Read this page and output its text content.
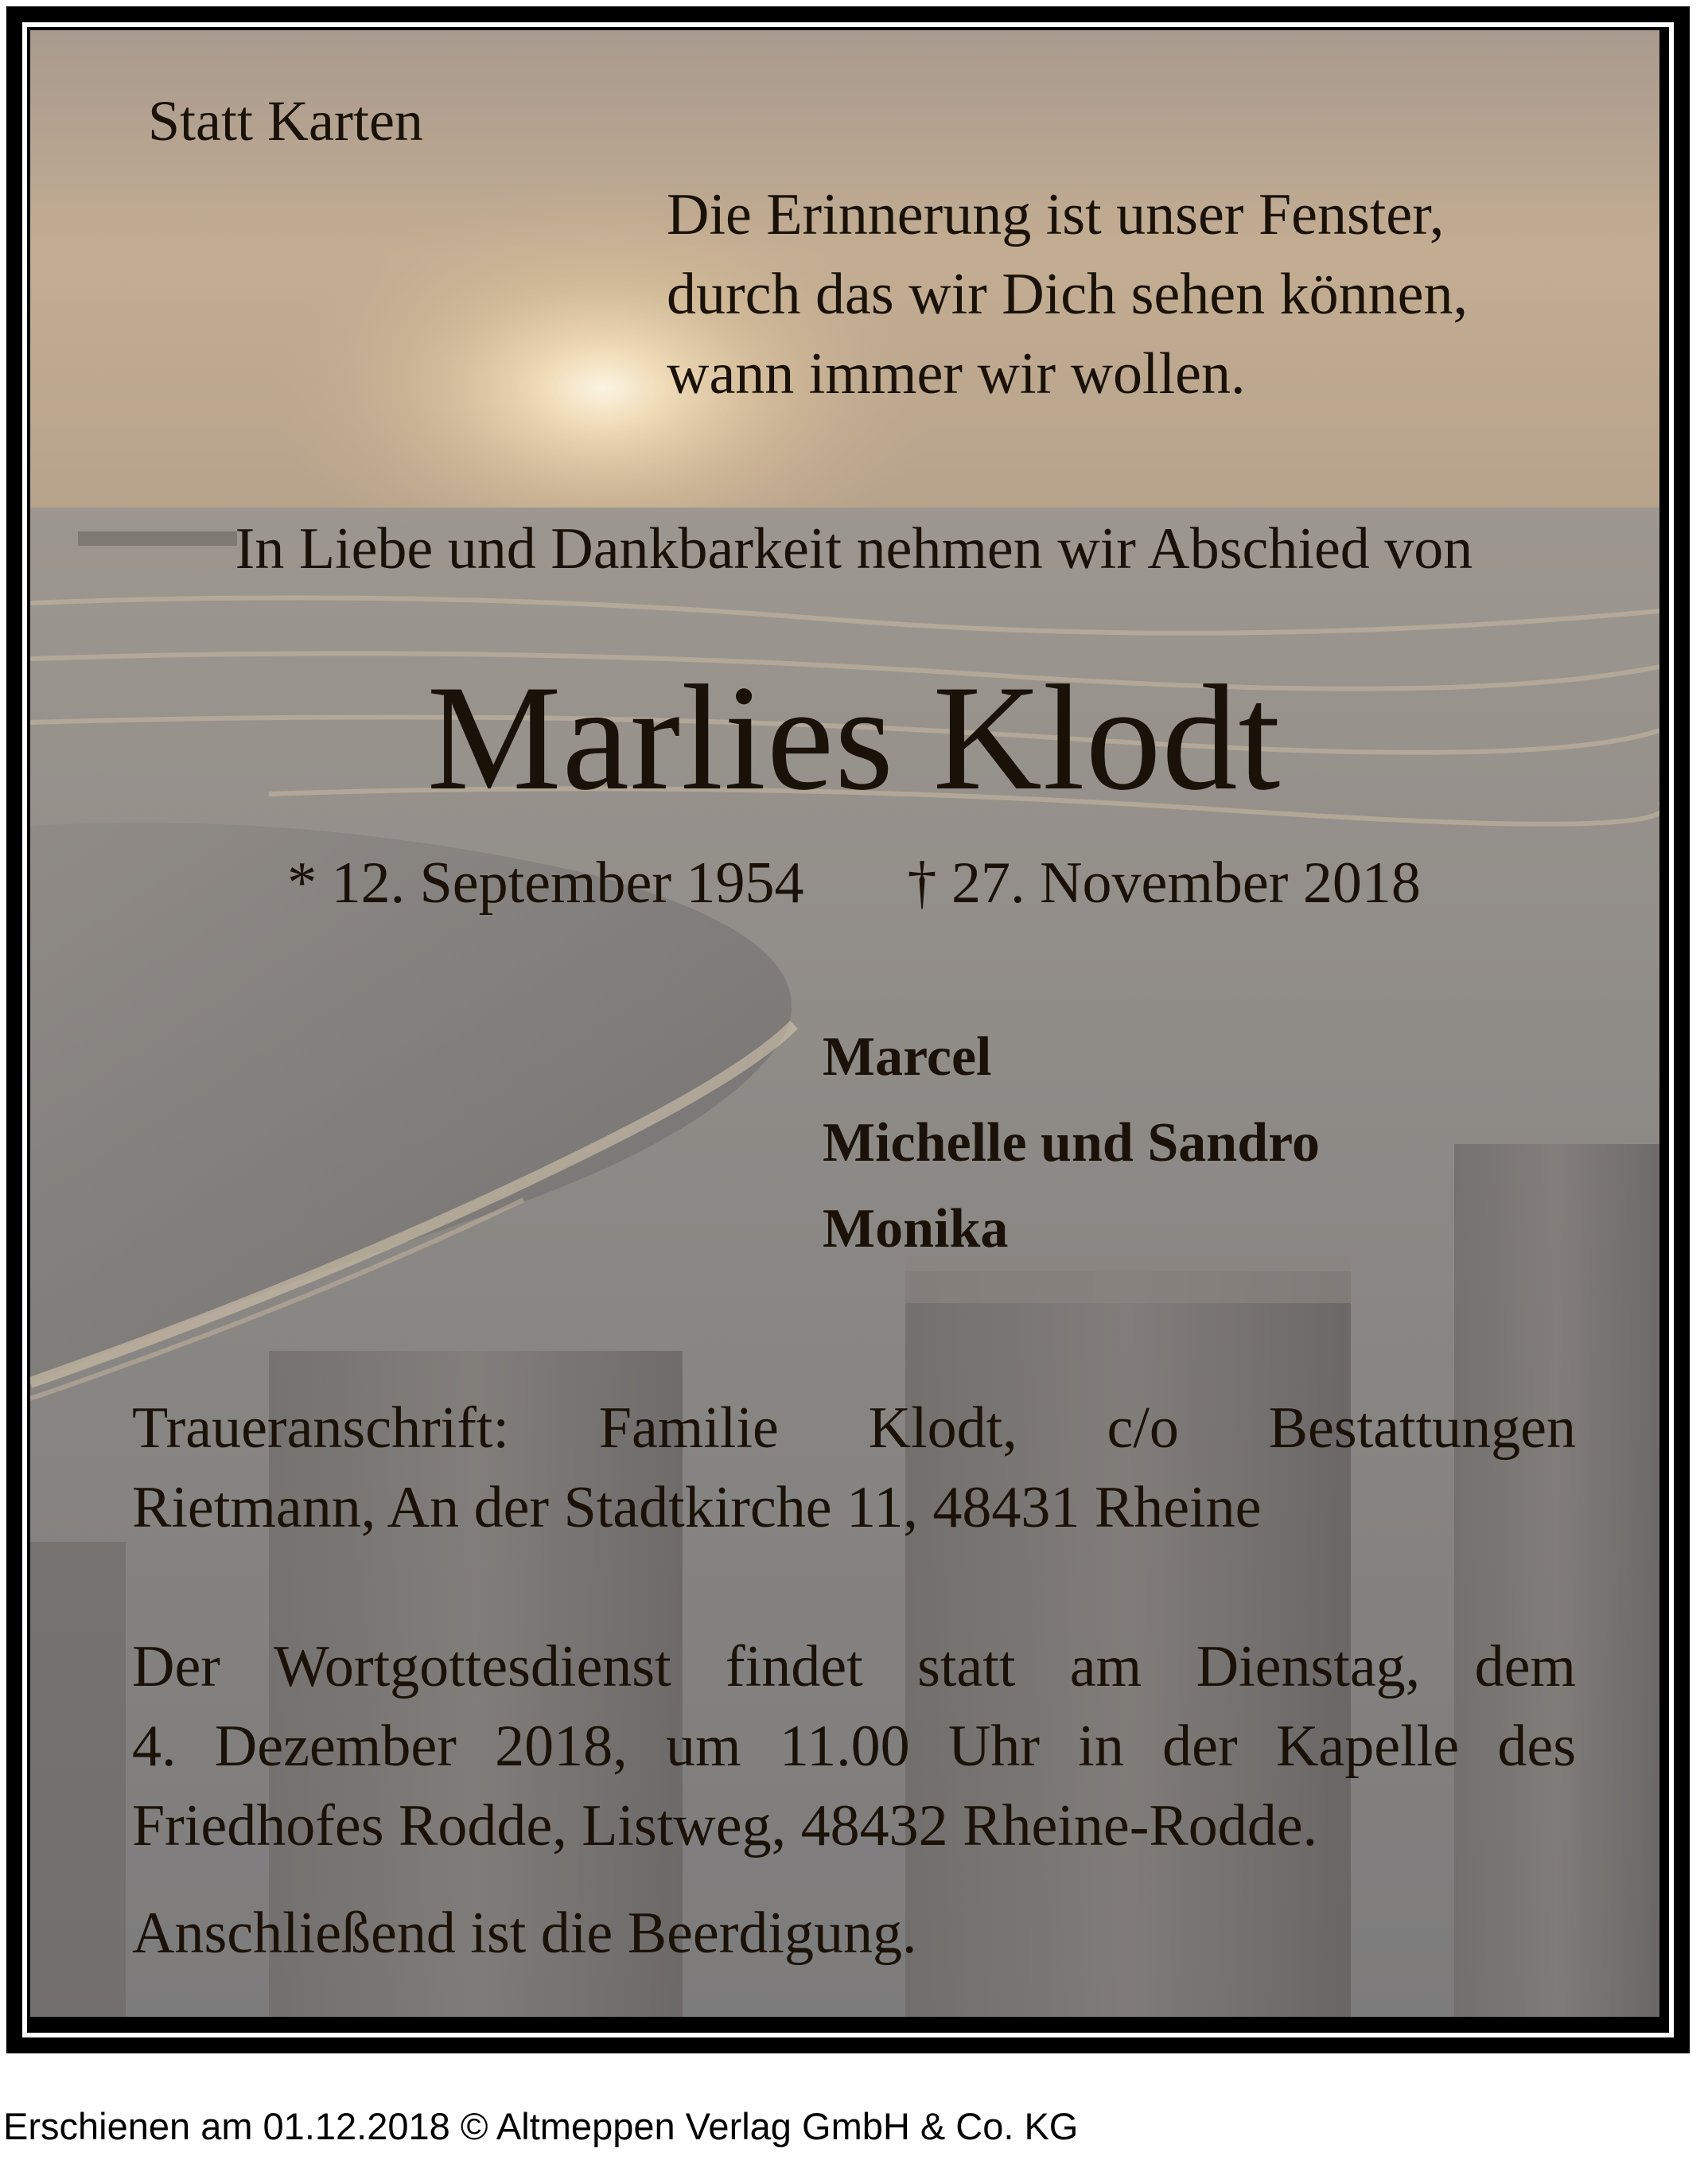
Statt Karten
Die Erinnerung ist unser Fenster,
durch das wir Dich sehen können,
wann immer wir wollen.
In Liebe und Dankbarkeit nehmen wir Abschied von
Marlies Klodt
* 12. September 1954 † 27. November 2018
Marcel
Michelle und Sandro
Monika
Traueranschrift: Familie Klodt, c/o Bestattungen
Rietmann, An der Stadtkirche 11, 48431 Rheine
Der Wortgottesdienst findet statt am Dienstag, dem
4. Dezember 2018, um 11.00 Uhr in der Kapelle des
Friedhofes Rodde, Listweg, 48432 Rheine-Rodde.
Anschließend ist die Beerdigung.
Erschienen am 01.12.2018 © Altmeppen Verlag GmbH & Co. KG
